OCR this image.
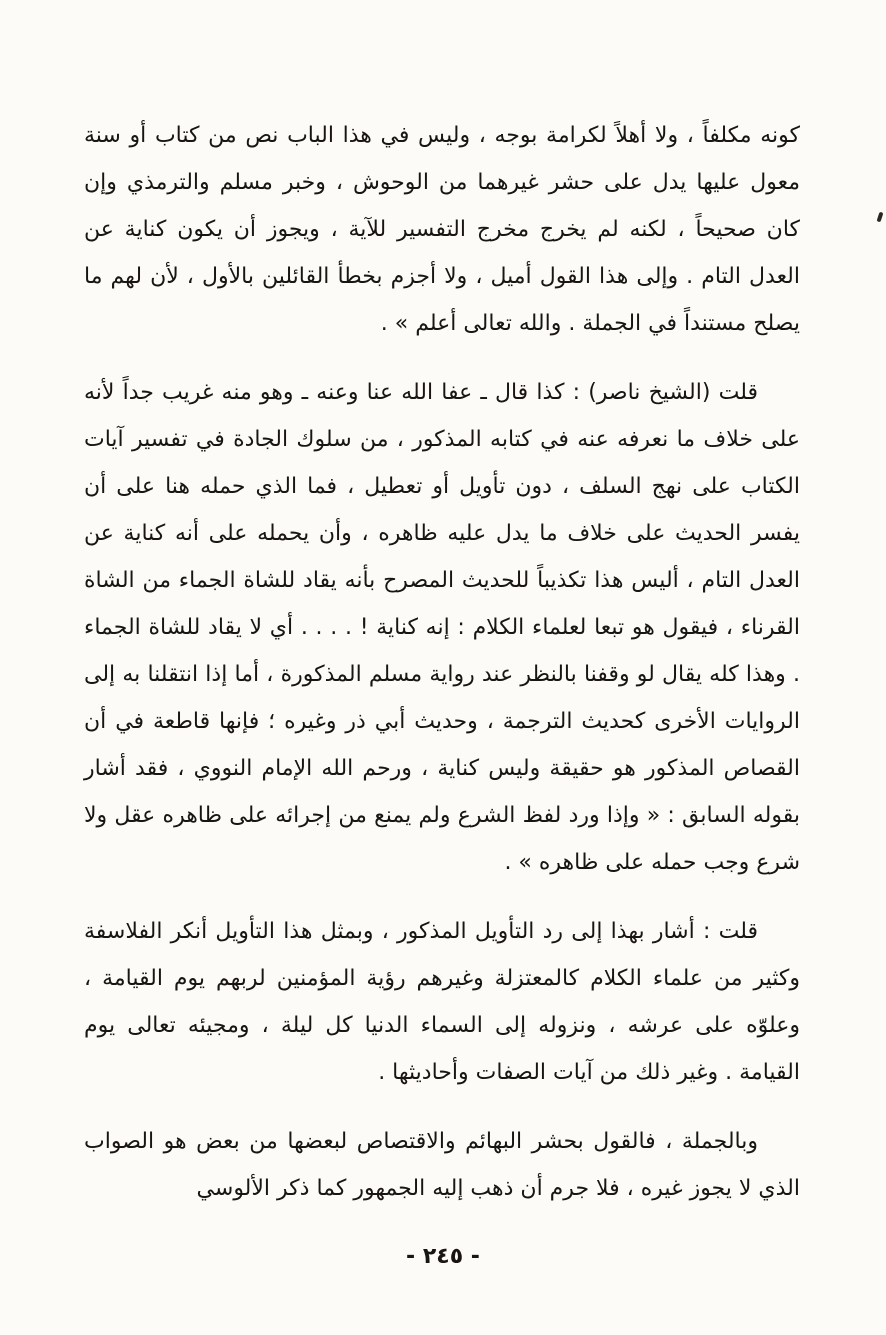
كونه مكلفاً ، ولا أهلاً لكرامة بوجه ، وليس في هذا الباب نص من كتاب أو سنة معول عليها يدل على حشر غيرهما من الوحوش ، وخبر مسلم والترمذي وإن كان صحيحاً ، لكنه لم يخرج مخرج التفسير للآية ، ويجوز أن يكون كناية عن العدل التام . وإلى هذا القول أميل ، ولا أجزم بخطأ القائلين بالأول ، لأن لهم ما يصلح مستنداً في الجملة . والله تعالى أعلم » .

قلت (الشيخ ناصر) : كذا قال ـ عفا الله عنا وعنه ـ وهو منه غريب جداً لأنه على خلاف ما نعرفه عنه في كتابه المذكور ، من سلوك الجادة في تفسير آيات الكتاب على نهج السلف ، دون تأويل أو تعطيل ، فما الذي حمله هنا على أن يفسر الحديث على خلاف ما يدل عليه ظاهره ، وأن يحمله على أنه كناية عن العدل التام ، أليس هذا تكذيباً للحديث المصرح بأنه يقاد للشاة الجماء من الشاة القرناء ، فيقول هو تبعا لعلماء الكلام : إنه كناية ! . . . . أي لا يقاد للشاة الجماء . وهذا كله يقال لو وقفنا بالنظر عند رواية مسلم المذكورة ، أما إذا انتقلنا به إلى الروايات الأخرى كحديث الترجمة ، وحديث أبي ذر وغيره ؛ فإنها قاطعة في أن القصاص المذكور هو حقيقة وليس كناية ، ورحم الله الإمام النووي ، فقد أشار بقوله السابق : « وإذا ورد لفظ الشرع ولم يمنع من إجرائه على ظاهره عقل ولا شرع وجب حمله على ظاهره » .

قلت : أشار بهذا إلى رد التأويل المذكور ، وبمثل هذا التأويل أنكر الفلاسفة وكثير من علماء الكلام كالمعتزلة وغيرهم رؤية المؤمنين لربهم يوم القيامة ، وعلوّه على عرشه ، ونزوله إلى السماء الدنيا كل ليلة ، ومجيئه تعالى يوم القيامة . وغير ذلك من آيات الصفات وأحاديثها .

وبالجملة ، فالقول بحشر البهائم والاقتصاص لبعضها من بعض هو الصواب الذي لا يجوز غيره ، فلا جرم أن ذهب إليه الجمهور كما ذكر الألوسي

- ٢٤٥ -
